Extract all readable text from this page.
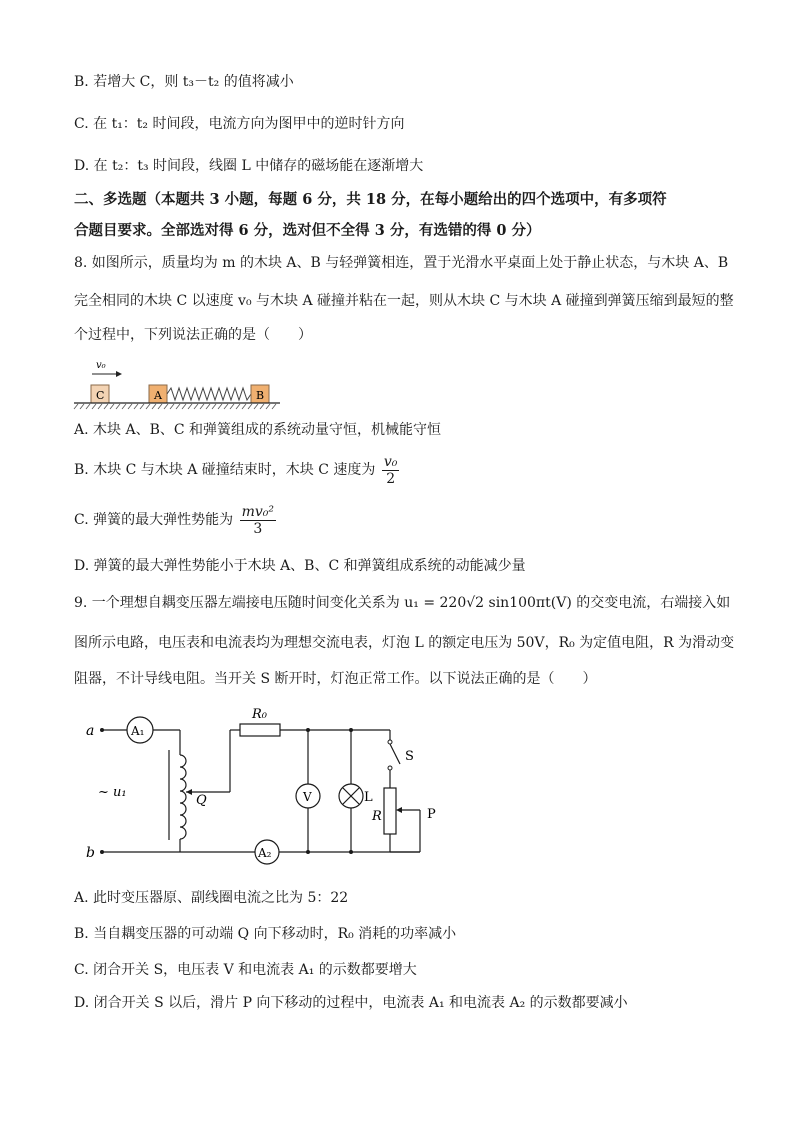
B. 若增大 C，则 t₃－t₂ 的值将减小
C. 在 t₁：t₂ 时间段，电流方向为图甲中的逆时针方向
D. 在 t₂：t₃ 时间段，线圈 L 中储存的磁场能在逐渐增大
二、多选题（本题共 3 小题，每题 6 分，共 18 分，在每小题给出的四个选项中，有多项符
合题目要求。全部选对得 6 分，选对但不全得 3 分，有选错的得 0 分）
8. 如图所示，质量均为 m 的木块 A、B 与轻弹簧相连，置于光滑水平桌面上处于静止状态，与木块 A、B
完全相同的木块 C 以速度 v₀ 与木块 A 碰撞并粘在一起，则从木块 C 与木块 A 碰撞到弹簧压缩到最短的整
个过程中，下列说法正确的是（　　）
v₀
C	A	B
A. 木块 A、B、C 和弹簧组成的系统动量守恒，机械能守恒
B. 木块 C 与木块 A 碰撞结束时，木块 C 速度为 $\frac{\text{v₀}}{2}$
C. 弹簧的最大弹性势能为 $\frac{\text{mv₀²}}{3}$
D. 弹簧的最大弹性势能小于木块 A、B、C 和弹簧组成系统的动能减少量
9. 一个理想自耦变压器左端接电压随时间变化关系为 u₁ = 220√2 sin100πt(V) 的交变电流，右端接入如
图所示电路，电压表和电流表均为理想交流电表，灯泡 L 的额定电压为 50V，R₀ 为定值电阻，R 为滑动变
阻器，不计导线电阻。当开关 S 断开时，灯泡正常工作。以下说法正确的是（　　）
A₁
A₂
V
a
b
~ u₁
R₀
Q	L
S
R	P
A. 此时变压器原、副线圈电流之比为 5：22
B. 当自耦变压器的可动端 Q 向下移动时，R₀ 消耗的功率减小
C. 闭合开关 S，电压表 V 和电流表 A₁ 的示数都要增大
D. 闭合开关 S 以后，滑片 P 向下移动的过程中，电流表 A₁ 和电流表 A₂ 的示数都要减小
